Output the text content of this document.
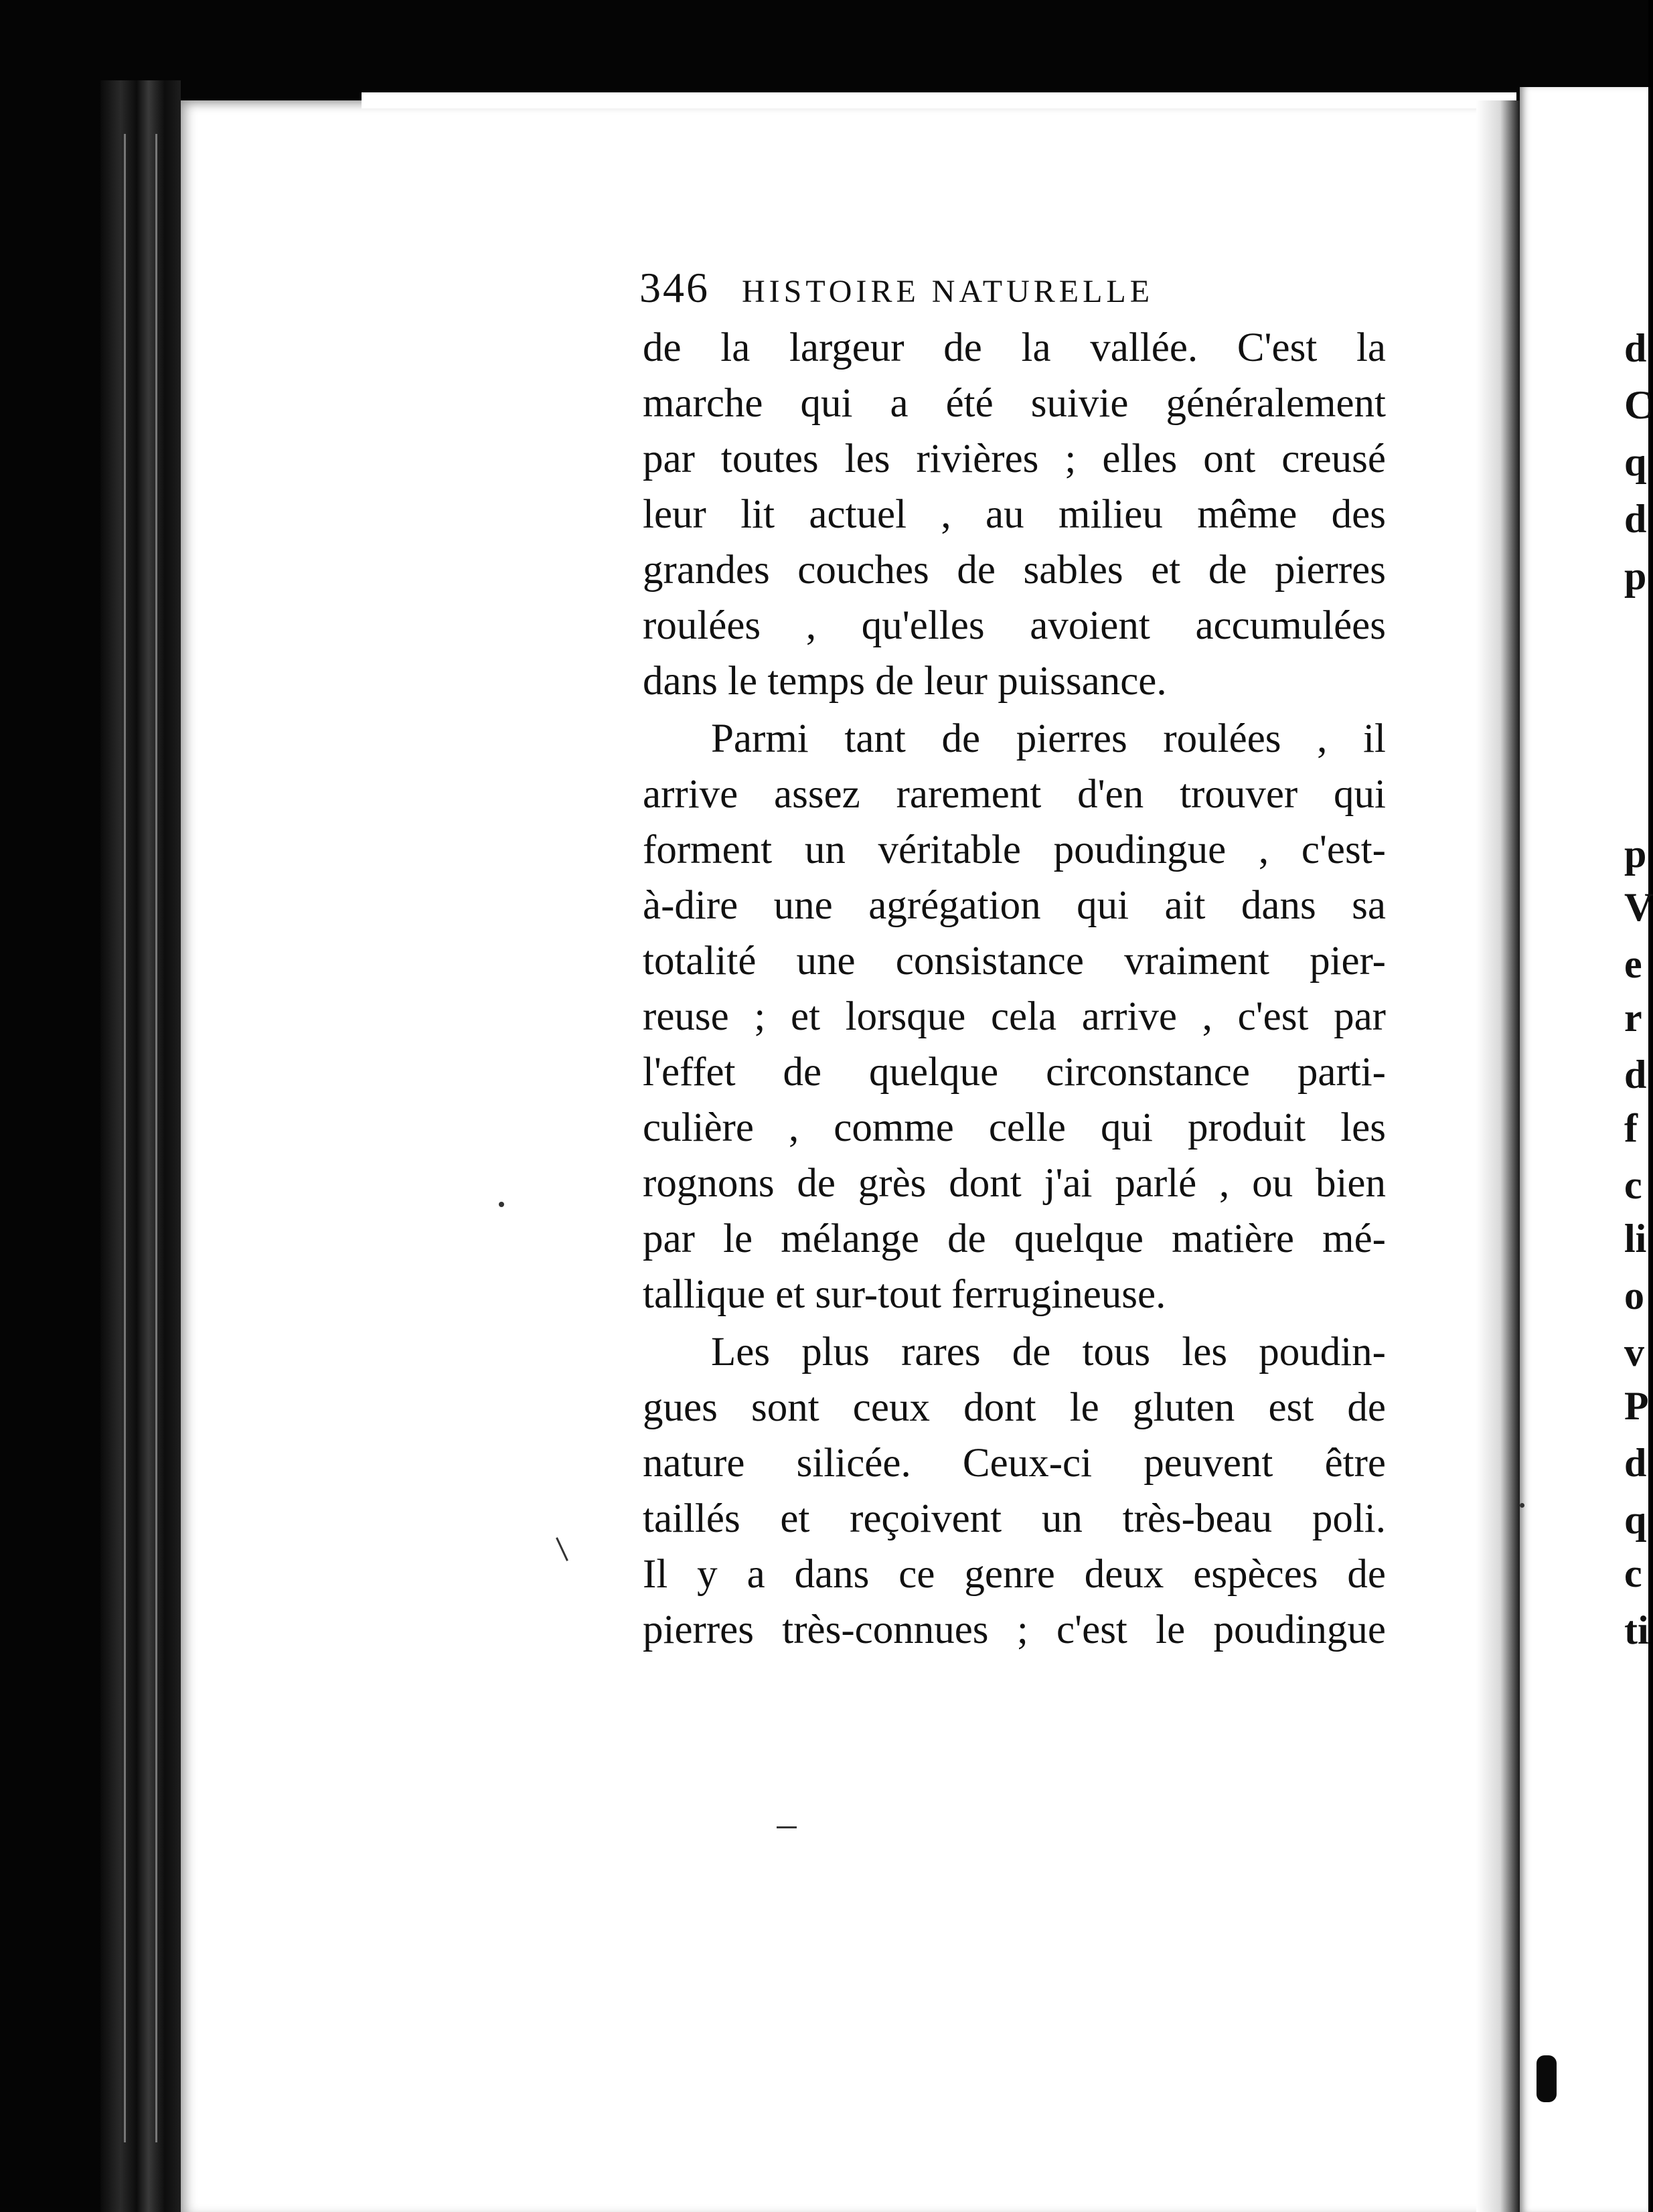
346 HISTOIRE NATURELLE
de la largeur de la vallée. C'est la
marche qui a été suivie généralement
par toutes les rivières ; elles ont creusé
leur lit actuel , au milieu même des
grandes couches de sables et de pierres
roulées , qu'elles avoient accumulées
dans le temps de leur puissance.
Parmi tant de pierres roulées , il
arrive assez rarement d'en trouver qui
forment un véritable poudingue , c'est-
à-dire une agrégation qui ait dans sa
totalité une consistance vraiment pier-
reuse ; et lorsque cela arrive , c'est par
l'effet de quelque circonstance parti-
culière , comme celle qui produit les
rognons de grès dont j'ai parlé , ou bien
par le mélange de quelque matière mé-
tallique et sur-tout ferrugineuse.
Les plus rares de tous les poudin-
gues sont ceux dont le gluten est de
nature silicée. Ceux-ci peuvent être
taillés et reçoivent un très-beau poli.
Il y a dans ce genre deux espèces de
pierres très-connues ; c'est le poudingue
d
C
q
d
p
p
V
e
r
d
f
c
li
o
v
P
d
q
c
ti
